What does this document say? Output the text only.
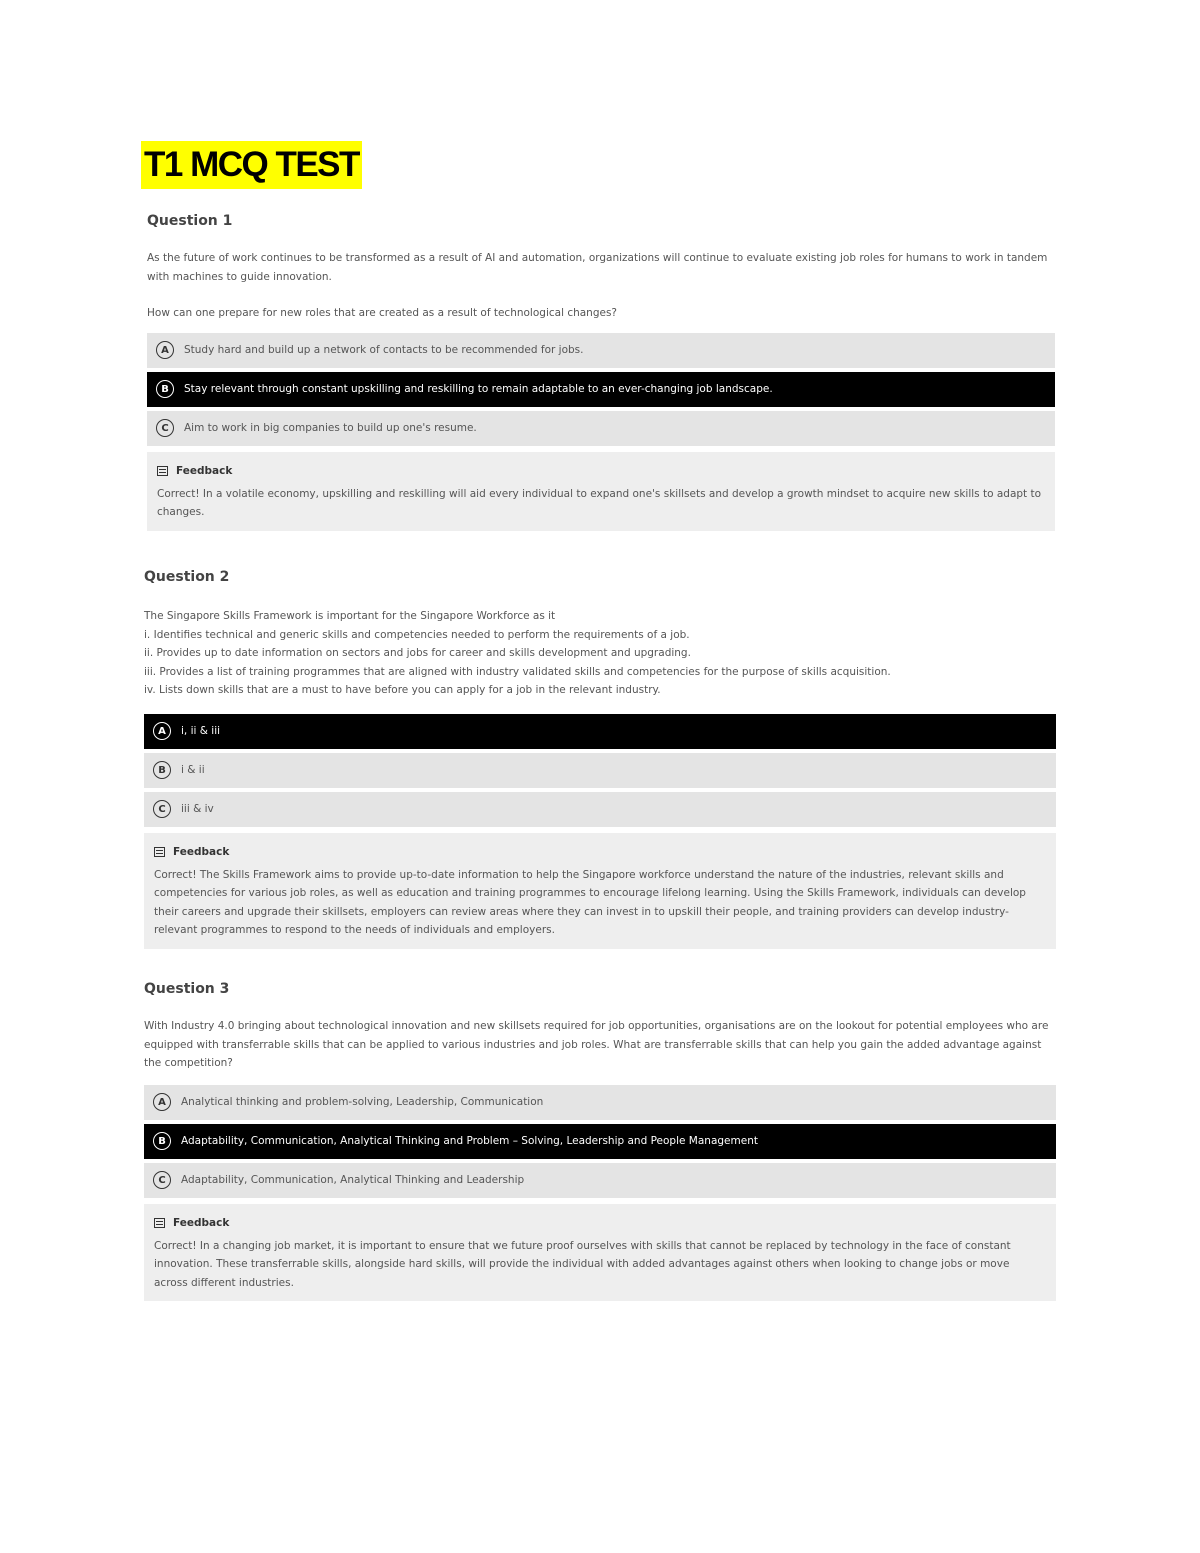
T1 MCQ TEST
Question 1
As the future of work continues to be transformed as a result of AI and automation, organizations will continue to evaluate existing job roles for humans to work in tandem with machines to guide innovation.
How can one prepare for new roles that are created as a result of technological changes?
A	Study hard and build up a network of contacts to be recommended for jobs.
B	Stay relevant through constant upskilling and reskilling to remain adaptable to an ever-changing job landscape.
C	Aim to work in big companies to build up one's resume.
Feedback
Correct! In a volatile economy, upskilling and reskilling will aid every individual to expand one's skillsets and develop a growth mindset to acquire new skills to adapt to changes.
Question 2
The Singapore Skills Framework is important for the Singapore Workforce as it
i. Identifies technical and generic skills and competencies needed to perform the requirements of a job.
ii. Provides up to date information on sectors and jobs for career and skills development and upgrading.
iii. Provides a list of training programmes that are aligned with industry validated skills and competencies for the purpose of skills acquisition.
iv. Lists down skills that are a must to have before you can apply for a job in the relevant industry.
A	i, ii & iii
B	i & ii
C	iii & iv
Feedback
Correct! The Skills Framework aims to provide up-to-date information to help the Singapore workforce understand the nature of the industries, relevant skills and competencies for various job roles, as well as education and training programmes to encourage lifelong learning. Using the Skills Framework, individuals can develop their careers and upgrade their skillsets, employers can review areas where they can invest in to upskill their people, and training providers can develop industry-relevant programmes to respond to the needs of individuals and employers.
Question 3
With Industry 4.0 bringing about technological innovation and new skillsets required for job opportunities, organisations are on the lookout for potential employees who are equipped with transferrable skills that can be applied to various industries and job roles. What are transferrable skills that can help you gain the added advantage against the competition?
A	Analytical thinking and problem-solving, Leadership, Communication
B	Adaptability, Communication, Analytical Thinking and Problem – Solving, Leadership and People Management
C	Adaptability, Communication, Analytical Thinking and Leadership
Feedback
Correct! In a changing job market, it is important to ensure that we future proof ourselves with skills that cannot be replaced by technology in the face of constant innovation. These transferrable skills, alongside hard skills, will provide the individual with added advantages against others when looking to change jobs or move across different industries.
